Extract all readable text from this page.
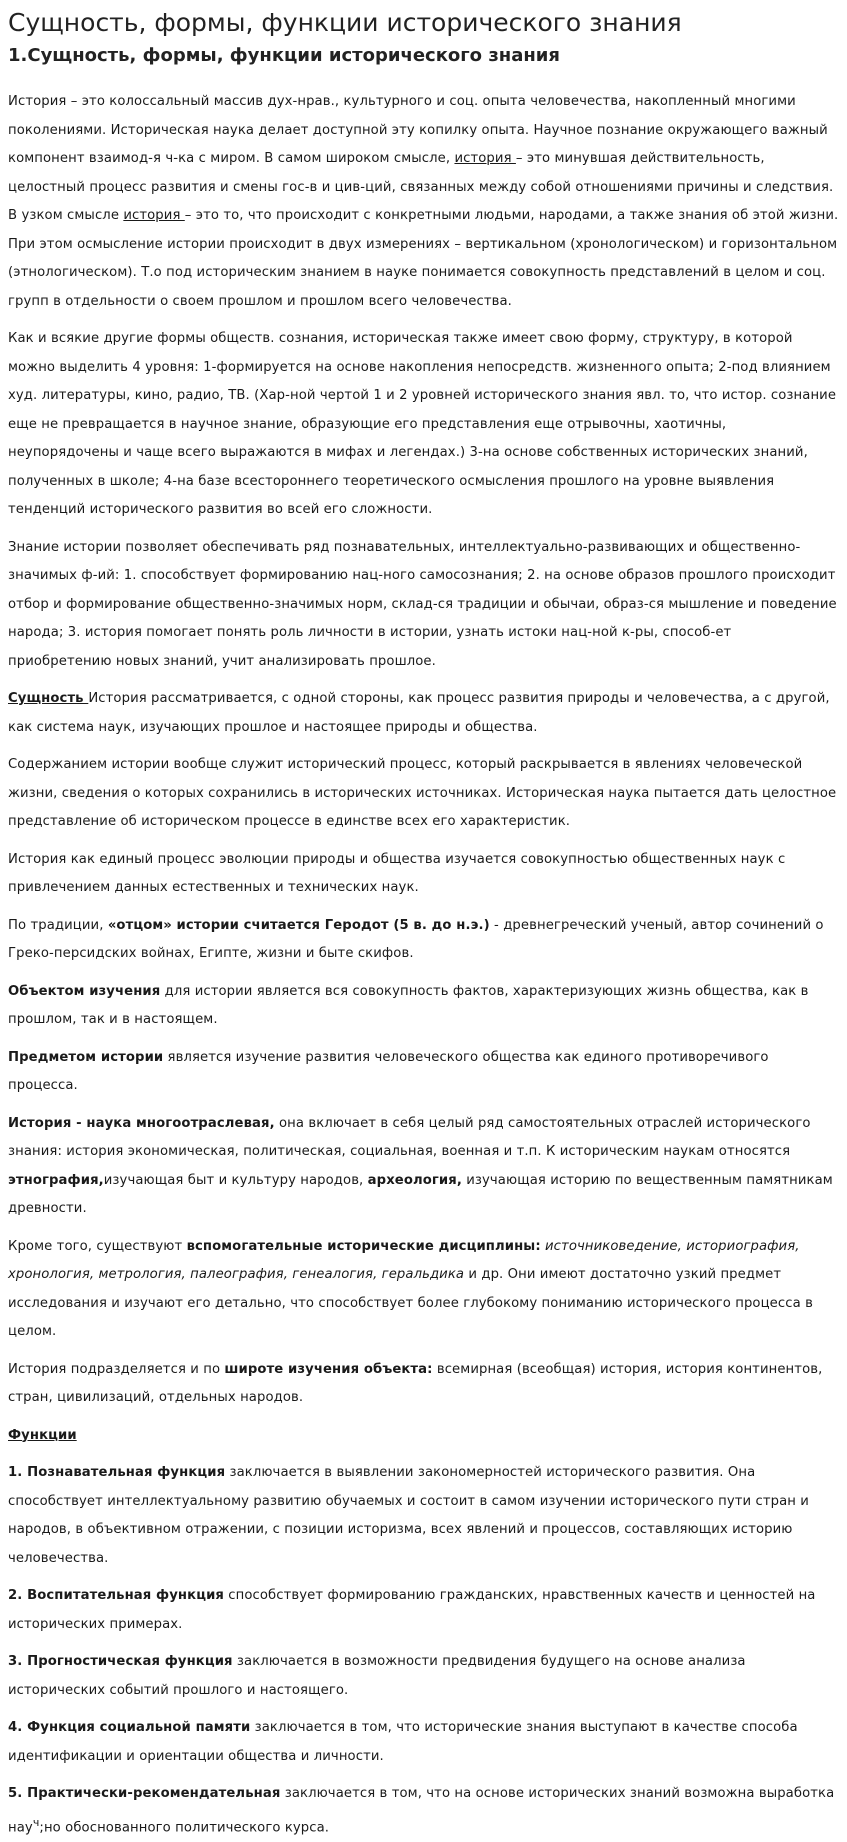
Сущность, формы, функции исторического знания
1.Сущность, формы, функции исторического знания

История – это колоссальный массив дух-нрав., культурного и соц. опыта человечества, накопленный многими поколениями. Историческая наука делает доступной эту копилку опыта. Научное познание окружающего важный компонент взаимод-я ч-ка с миром. В самом широком смысле, история – это минувшая действительность, целостный процесс развития и смены гос-в и цив-ций, связанных между собой отношениями причины и следствия. В узком смысле история – это то, что происходит с конкретными людьми, народами, а также знания об этой жизни. При этом осмысление истории происходит в двух измерениях – вертикальном (хронологическом) и горизонтальном (этнологическом). Т.о под историческим знанием в науке понимается совокупность представлений в целом и соц. групп в отдельности о своем прошлом и прошлом всего человечества.

Как и всякие другие формы обществ. сознания, историческая также имеет свою форму, структуру, в которой можно выделить 4 уровня: 1-формируется на основе накопления непосредств. жизненного опыта; 2-под влиянием худ. литературы, кино, радио, ТВ. (Хар-ной чертой 1 и 2 уровней исторического знания явл. то, что истор. сознание еще не превращается в научное знание, образующие его представления еще отрывочны, хаотичны, неупорядочены и чаще всего выражаются в мифах и легендах.) 3-на основе собственных исторических знаний, полученных в школе; 4-на базе всестороннего теоретического осмысления прошлого на уровне выявления тенденций исторического развития во всей его сложности.

Знание истории позволяет обеспечивать ряд познавательных, интеллектуально-развивающих и общественно-значимых ф-ий: 1. способствует формированию нац-ного самосознания; 2. на основе образов прошлого происходит отбор и формирование общественно-значимых норм, склад-ся традиции и обычаи, образ-ся мышление и поведение народа; 3. история помогает понять роль личности в истории, узнать истоки нац-ной к-ры, способ-ет приобретению новых знаний, учит анализировать прошлое.

Сущность История рассматривается, с одной стороны, как процесс развития природы и человечества, а с другой, как система наук, изучающих прошлое и настоящее природы и общества.

Содержанием истории вообще служит исторический процесс, который раскрывается в явлениях человеческой жизни, сведения о которых сохранились в исторических источниках. Историческая наука пытается дать целостное представление об историческом процессе в единстве всех его характеристик.

История как единый процесс эволюции природы и общества изучается совокупностью общественных наук с привлечением данных естественных и технических наук.

По традиции, «отцом» истории считается Геродот (5 в. до н.э.) - древнегреческий ученый, автор сочинений о Греко-персидских войнах, Египте, жизни и быте скифов.

Объектом изучения для истории является вся совокупность фактов, характеризующих жизнь общества, как в прошлом, так и в настоящем.

Предметом истории является изучение развития человеческого общества как единого противоречивого процесса.

История - наука многоотраслевая, она включает в себя целый ряд самостоятельных отраслей исторического знания: история экономическая, политическая, социальная, военная и т.п. К историческим наукам относятся этнография,изучающая быт и культуру народов, археология, изучающая историю по вещественным памятникам древности.

Кроме того, существуют вспомогательные исторические дисциплины: источниковедение, историография, хронология, метрология, палеография, генеалогия, геральдика и др. Они имеют достаточно узкий предмет исследования и изучают его детально, что способствует более глубокому пониманию исторического процесса в целом.

История подразделяется и по широте изучения объекта: всемирная (всеобщая) история, история континентов, стран, цивилизаций, отдельных народов.

Функции

1. Познавательная функция заключается в выявлении закономерностей исторического развития. Она способствует интеллектуальному развитию обучаемых и состоит в самом изучении исторического пути стран и народов, в объективном отражении, с позиции историзма, всех явлений и процессов, составляющих историю человечества.

2. Воспитательная функция способствует формированию гражданских, нравственных качеств и ценностей на исторических примерах.

3. Прогностическая функция заключается в возможности предвидения будущего на основе анализа исторических событий прошлого и настоящего.

4. Функция социальной памяти заключается в том, что исторические знания выступают в качестве способа идентификации и ориентации общества и личности.

5. Практически-рекомендательная заключается в том, что на основе исторических знаний возможна выработка нау$^ч$;но обоснованного политического курса.
